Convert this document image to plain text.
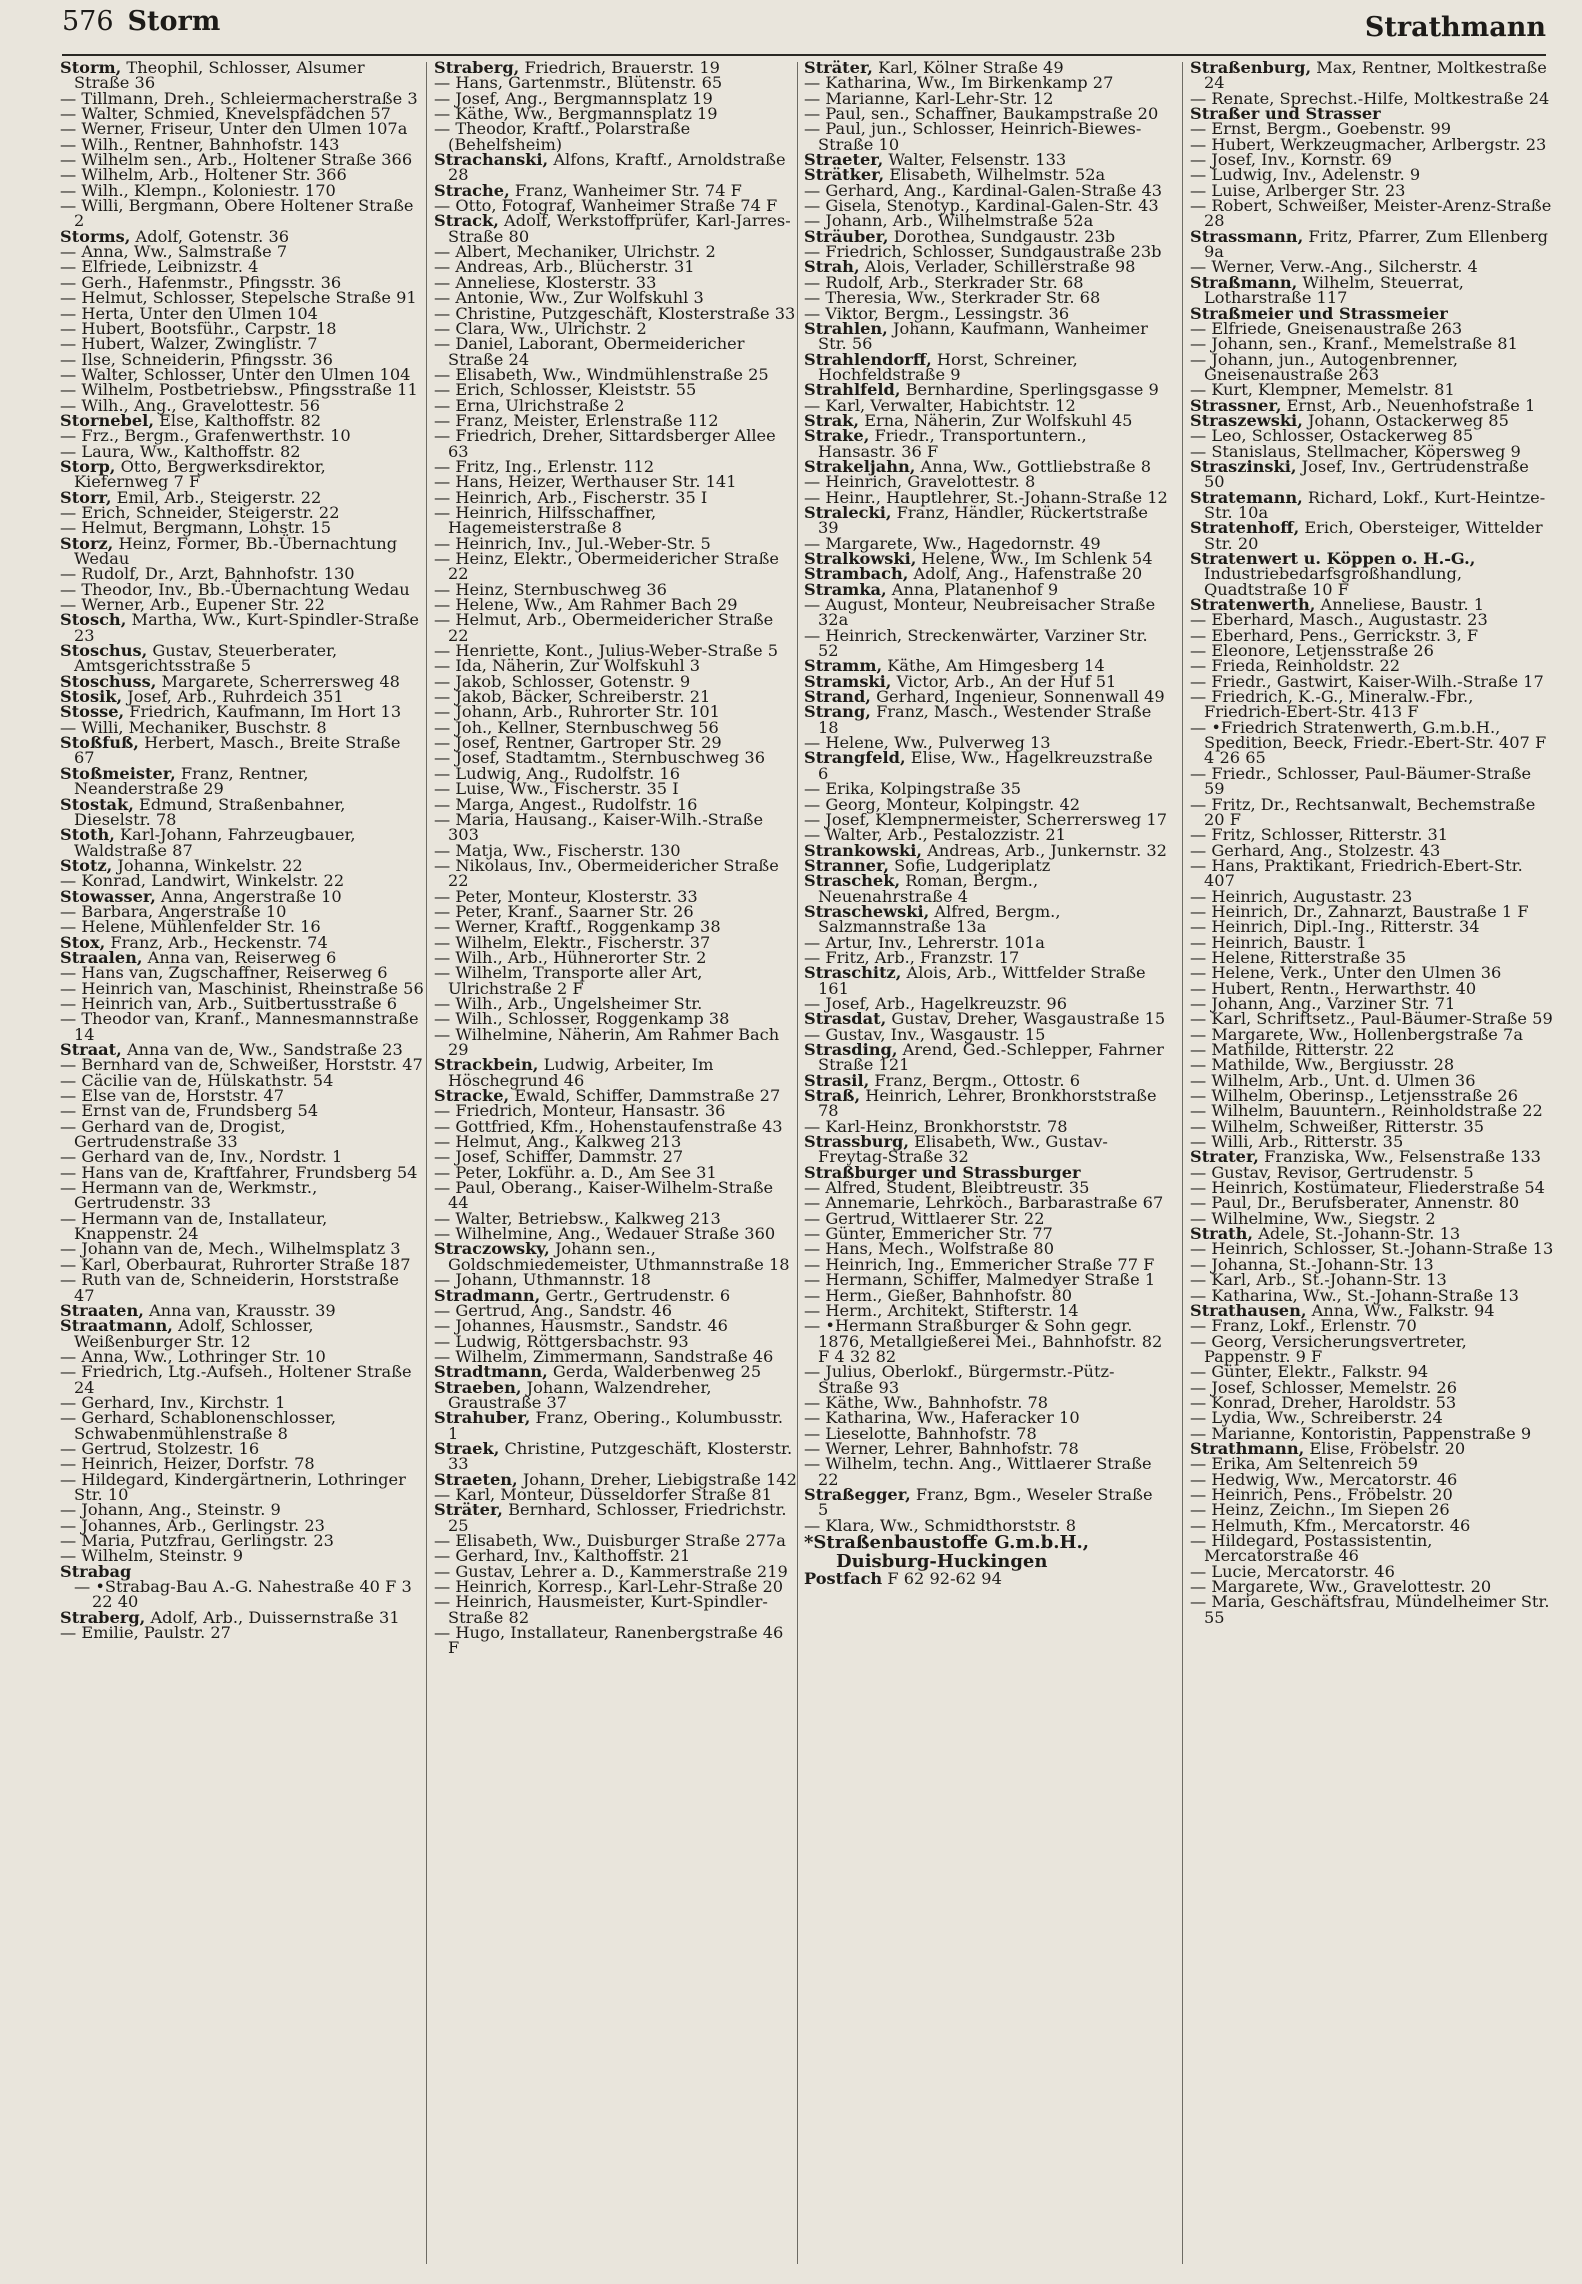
576 Storm	Strathmann

Storm, Theophil, Schlosser, Alsumer Straße 36

— Tillmann, Dreh., Schleiermacherstraße 3

— Walter, Schmied, Knevelspfädchen 57

— Werner, Friseur, Unter den Ulmen 107a

— Wilh., Rentner, Bahnhofstr. 143

— Wilhelm sen., Arb., Holtener Straße 366

— Wilhelm, Arb., Holtener Str. 366

— Wilh., Klempn., Koloniestr. 170

— Willi, Bergmann, Obere Holtener Straße 2

Storms, Adolf, Gotenstr. 36

— Anna, Ww., Salmstraße 7

— Elfriede, Leibnizstr. 4

— Gerh., Hafenmstr., Pfingsstr. 36

— Helmut, Schlosser, Stepelsche Straße 91

— Herta, Unter den Ulmen 104

— Hubert, Bootsführ., Carpstr. 18

— Hubert, Walzer, Zwinglistr. 7

— Ilse, Schneiderin, Pfingsstr. 36

— Walter, Schlosser, Unter den Ulmen 104

— Wilhelm, Postbetriebsw., Pfingsstraße 11

— Wilh., Ang., Gravelottestr. 56

Stornebel, Else, Kalthoffstr. 82

— Frz., Bergm., Grafenwerthstr. 10

— Laura, Ww., Kalthoffstr. 82

Storp, Otto, Bergwerksdirektor, Kiefernweg 7 F

Storr, Emil, Arb., Steigerstr. 22

— Erich, Schneider, Steigerstr. 22

— Helmut, Bergmann, Lohstr. 15

Storz, Heinz, Former, Bb.-Übernachtung Wedau

— Rudolf, Dr., Arzt, Bahnhofstr. 130

— Theodor, Inv., Bb.-Übernachtung Wedau

— Werner, Arb., Eupener Str. 22

Stosch, Martha, Ww., Kurt-Spindler-Straße 23

Stoschus, Gustav, Steuerberater, Amtsgerichtsstraße 5

Stoschuss, Margarete, Scherrersweg 48

Stosik, Josef, Arb., Ruhrdeich 351

Stosse, Friedrich, Kaufmann, Im Hort 13

— Willi, Mechaniker, Buschstr. 8

Stoßfuß, Herbert, Masch., Breite Straße 67

Stoßmeister, Franz, Rentner, Neanderstraße 29

Stostak, Edmund, Straßenbahner, Dieselstr. 78

Stoth, Karl-Johann, Fahrzeugbauer, Waldstraße 87

Stotz, Johanna, Winkelstr. 22

— Konrad, Landwirt, Winkelstr. 22

Stowasser, Anna, Angerstraße 10

— Barbara, Angerstraße 10

— Helene, Mühlenfelder Str. 16

Stox, Franz, Arb., Heckenstr. 74

Straalen, Anna van, Reiserweg 6

— Hans van, Zugschaffner, Reiserweg 6

— Heinrich van, Maschinist, Rheinstraße 56

— Heinrich van, Arb., Suitbertusstraße 6

— Theodor van, Kranf., Mannesmannstraße 14

Straat, Anna van de, Ww., Sandstraße 23

— Bernhard van de, Schweißer, Horststr. 47

— Cäcilie van de, Hülskathstr. 54

— Else van de, Horststr. 47

— Ernst van de, Frundsberg 54

— Gerhard van de, Drogist, Gertrudenstraße 33

— Gerhard van de, Inv., Nordstr. 1

— Hans van de, Kraftfahrer, Frundsberg 54

— Hermann van de, Werkmstr., Gertrudenstr. 33

— Hermann van de, Installateur, Knappenstr. 24

— Johann van de, Mech., Wilhelmsplatz 3

— Karl, Oberbaurat, Ruhrorter Straße 187

— Ruth van de, Schneiderin, Horststraße 47

Straaten, Anna van, Krausstr. 39

Straatmann, Adolf, Schlosser, Weißenburger Str. 12

— Anna, Ww., Lothringer Str. 10

— Friedrich, Ltg.-Aufseh., Holtener Straße 24

— Gerhard, Inv., Kirchstr. 1

— Gerhard, Schablonenschlosser, Schwabenmühlenstraße 8

— Gertrud, Stolzestr. 16

— Heinrich, Heizer, Dorfstr. 78

— Hildegard, Kindergärtnerin, Lothringer Str. 10

— Johann, Ang., Steinstr. 9

— Johannes, Arb., Gerlingstr. 23

— Maria, Putzfrau, Gerlingstr. 23

— Wilhelm, Steinstr. 9

Strabag

— •Strabag-Bau A.-G. Nahestraße 40 F 3 22 40

Straberg, Adolf, Arb., Duissernstraße 31

— Emilie, Paulstr. 27

Straberg, Friedrich, Brauerstr. 19

— Hans, Gartenmstr., Blütenstr. 65

— Josef, Ang., Bergmannsplatz 19

— Käthe, Ww., Bergmannsplatz 19

— Theodor, Kraftf., Polarstraße (Behelfsheim)

Strachanski, Alfons, Kraftf., Arnoldstraße 28

Strache, Franz, Wanheimer Str. 74 F

— Otto, Fotograf, Wanheimer Straße 74 F

Strack, Adolf, Werkstoffprüfer, Karl-Jarres-Straße 80

— Albert, Mechaniker, Ulrichstr. 2

— Andreas, Arb., Blücherstr. 31

— Anneliese, Klosterstr. 33

— Antonie, Ww., Zur Wolfskuhl 3

— Christine, Putzgeschäft, Klosterstraße 33

— Clara, Ww., Ulrichstr. 2

— Daniel, Laborant, Obermeidericher Straße 24

— Elisabeth, Ww., Windmühlenstraße 25

— Erich, Schlosser, Kleiststr. 55

— Erna, Ulrichstraße 2

— Franz, Meister, Erlenstraße 112

— Friedrich, Dreher, Sittardsberger Allee 63

— Fritz, Ing., Erlenstr. 112

— Hans, Heizer, Werthauser Str. 141

— Heinrich, Arb., Fischerstr. 35 I

— Heinrich, Hilfsschaffner, Hagemeisterstraße 8

— Heinrich, Inv., Jul.-Weber-Str. 5

— Heinz, Elektr., Obermeidericher Straße 22

— Heinz, Sternbuschweg 36

— Helene, Ww., Am Rahmer Bach 29

— Helmut, Arb., Obermeidericher Straße 22

— Henriette, Kont., Julius-Weber-Straße 5

— Ida, Näherin, Zur Wolfskuhl 3

— Jakob, Schlosser, Gotenstr. 9

— Jakob, Bäcker, Schreiberstr. 21

— Johann, Arb., Ruhrorter Str. 101

— Joh., Kellner, Sternbuschweg 56

— Josef, Rentner, Gartroper Str. 29

— Josef, Stadtamtm., Sternbuschweg 36

— Ludwig, Ang., Rudolfstr. 16

— Luise, Ww., Fischerstr. 35 I

— Marga, Angest., Rudolfstr. 16

— Maria, Hausang., Kaiser-Wilh.-Straße 303

— Matja, Ww., Fischerstr. 130

— Nikolaus, Inv., Obermeidericher Straße 22

— Peter, Monteur, Klosterstr. 33

— Peter, Kranf., Saarner Str. 26

— Werner, Kraftf., Roggenkamp 38

— Wilhelm, Elektr., Fischerstr. 37

— Wilh., Arb., Hühnerorter Str. 2

— Wilhelm, Transporte aller Art, Ulrichstraße 2 F

— Wilh., Arb., Ungelsheimer Str.

— Wilh., Schlosser, Roggenkamp 38

— Wilhelmine, Näherin, Am Rahmer Bach 29

Strackbein, Ludwig, Arbeiter, Im Höschegrund 46

Stracke, Ewald, Schiffer, Dammstraße 27

— Friedrich, Monteur, Hansastr. 36

— Gottfried, Kfm., Hohenstaufenstraße 43

— Helmut, Ang., Kalkweg 213

— Josef, Schiffer, Dammstr. 27

— Peter, Lokführ. a. D., Am See 31

— Paul, Oberang., Kaiser-Wilhelm-Straße 44

— Walter, Betriebsw., Kalkweg 213

— Wilhelmine, Ang., Wedauer Straße 360

Straczowsky, Johann sen., Goldschmiedemeister, Uthmannstraße 18

— Johann, Uthmannstr. 18

Stradmann, Gertr., Gertrudenstr. 6

— Gertrud, Ang., Sandstr. 46

— Johannes, Hausmstr., Sandstr. 46

— Ludwig, Röttgersbachstr. 93

— Wilhelm, Zimmermann, Sandstraße 46

Stradtmann, Gerda, Walderbenweg 25

Straeben, Johann, Walzendreher, Graustraße 37

Strahuber, Franz, Obering., Kolumbusstr. 1

Straek, Christine, Putzgeschäft, Klosterstr. 33

Straeten, Johann, Dreher, Liebigstraße 142

— Karl, Monteur, Düsseldorfer Straße 81

Sträter, Bernhard, Schlosser, Friedrichstr. 25

— Elisabeth, Ww., Duisburger Straße 277a

— Gerhard, Inv., Kalthoffstr. 21

— Gustav, Lehrer a. D., Kammerstraße 219

— Heinrich, Korresp., Karl-Lehr-Straße 20

— Heinrich, Hausmeister, Kurt-Spindler-Straße 82

— Hugo, Installateur, Ranenbergstraße 46 F

Sträter, Karl, Kölner Straße 49

— Katharina, Ww., Im Birkenkamp 27

— Marianne, Karl-Lehr-Str. 12

— Paul, sen., Schaffner, Baukampstraße 20

— Paul, jun., Schlosser, Heinrich-Biewes-Straße 10

Straeter, Walter, Felsenstr. 133

Strätker, Elisabeth, Wilhelmstr. 52a

— Gerhard, Ang., Kardinal-Galen-Straße 43

— Gisela, Stenotyp., Kardinal-Galen-Str. 43

— Johann, Arb., Wilhelmstraße 52a

Sträuber, Dorothea, Sundgaustr. 23b

— Friedrich, Schlosser, Sundgaustraße 23b

Strah, Alois, Verlader, Schillerstraße 98

— Rudolf, Arb., Sterkrader Str. 68

— Theresia, Ww., Sterkrader Str. 68

— Viktor, Bergm., Lessingstr. 36

Strahlen, Johann, Kaufmann, Wanheimer Str. 56

Strahlendorff, Horst, Schreiner, Hochfeldstraße 9

Strahlfeld, Bernhardine, Sperlingsgasse 9

— Karl, Verwalter, Habichtstr. 12

Strak, Erna, Näherin, Zur Wolfskuhl 45

Strake, Friedr., Transportuntern., Hansastr. 36 F

Strakeljahn, Anna, Ww., Gottliebstraße 8

— Heinrich, Gravelottestr. 8

— Heinr., Hauptlehrer, St.-Johann-Straße 12

Stralecki, Franz, Händler, Rückertstraße 39

— Margarete, Ww., Hagedornstr. 49

Stralkowski, Helene, Ww., Im Schlenk 54

Strambach, Adolf, Ang., Hafenstraße 20

Stramka, Anna, Platanenhof 9

— August, Monteur, Neubreisacher Straße 32a

— Heinrich, Streckenwärter, Varziner Str. 52

Stramm, Käthe, Am Himgesberg 14

Stramski, Victor, Arb., An der Huf 51

Strand, Gerhard, Ingenieur, Sonnenwall 49

Strang, Franz, Masch., Westender Straße 18

— Helene, Ww., Pulverweg 13

Strangfeld, Elise, Ww., Hagelkreuzstraße 6

— Erika, Kolpingstraße 35

— Georg, Monteur, Kolpingstr. 42

— Josef, Klempnermeister, Scherrersweg 17

— Walter, Arb., Pestalozzistr. 21

Strankowski, Andreas, Arb., Junkernstr. 32

Stranner, Sofie, Ludgeriplatz

Straschek, Roman, Bergm., Neuenahrstraße 4

Straschewski, Alfred, Bergm., Salzmannstraße 13a

— Artur, Inv., Lehrerstr. 101a

— Fritz, Arb., Franzstr. 17

Straschitz, Alois, Arb., Wittfelder Straße 161

— Josef, Arb., Hagelkreuzstr. 96

Strasdat, Gustav, Dreher, Wasgaustraße 15

— Gustav, Inv., Wasgaustr. 15

Strasding, Arend, Ged.-Schlepper, Fahrner Straße 121

Strasil, Franz, Bergm., Ottostr. 6

Straß, Heinrich, Lehrer, Bronkhorststraße 78

— Karl-Heinz, Bronkhorststr. 78

Strassburg, Elisabeth, Ww., Gustav-Freytag-Straße 32

Straßburger und Strassburger

— Alfred, Student, Bleibtreustr. 35

— Annemarie, Lehrköch., Barbarastraße 67

— Gertrud, Wittlaerer Str. 22

— Günter, Emmericher Str. 77

— Hans, Mech., Wolfstraße 80

— Heinrich, Ing., Emmericher Straße 77 F

— Hermann, Schiffer, Malmedyer Straße 1

— Herm., Gießer, Bahnhofstr. 80

— Herm., Architekt, Stifterstr. 14

— •Hermann Straßburger & Sohn gegr. 1876, Metallgießerei Mei., Bahnhofstr. 82 F 4 32 82

— Julius, Oberlokf., Bürgermstr.-Pütz-Straße 93

— Käthe, Ww., Bahnhofstr. 78

— Katharina, Ww., Haferacker 10

— Lieselotte, Bahnhofstr. 78

— Werner, Lehrer, Bahnhofstr. 78

— Wilhelm, techn. Ang., Wittlaerer Straße 22

Straßegger, Franz, Bgm., Weseler Straße 5

— Klara, Ww., Schmidthorststr. 8

*Straßenbaustoffe G.m.b.H.,

Duisburg-Huckingen

Postfach F 62 92-62 94

Straßenburg, Max, Rentner, Moltkestraße 24

— Renate, Sprechst.-Hilfe, Moltkestraße 24

Straßer und Strasser

— Ernst, Bergm., Goebenstr. 99

— Hubert, Werkzeugmacher, Arlbergstr. 23

— Josef, Inv., Kornstr. 69

— Ludwig, Inv., Adelenstr. 9

— Luise, Arlberger Str. 23

— Robert, Schweißer, Meister-Arenz-Straße 28

Strassmann, Fritz, Pfarrer, Zum Ellenberg 9a

— Werner, Verw.-Ang., Silcherstr. 4

Straßmann, Wilhelm, Steuerrat, Lotharstraße 117

Straßmeier und Strassmeier

— Elfriede, Gneisenaustraße 263

— Johann, sen., Kranf., Memelstraße 81

— Johann, jun., Autogenbrenner, Gneisenaustraße 263

— Kurt, Klempner, Memelstr. 81

Strassner, Ernst, Arb., Neuenhofstraße 1

Straszewski, Johann, Ostackerweg 85

— Leo, Schlosser, Ostackerweg 85

— Stanislaus, Stellmacher, Köpersweg 9

Straszinski, Josef, Inv., Gertrudenstraße 50

Stratemann, Richard, Lokf., Kurt-Heintze-Str. 10a

Stratenhoff, Erich, Obersteiger, Wittelder Str. 20

Stratenwert u. Köppen o. H.-G., Industriebedarfsgroßhandlung, Quadtstraße 10 F

Stratenwerth, Anneliese, Baustr. 1

— Eberhard, Masch., Augustastr. 23

— Eberhard, Pens., Gerrickstr. 3, F

— Eleonore, Letjensstraße 26

— Frieda, Reinholdstr. 22

— Friedr., Gastwirt, Kaiser-Wilh.-Straße 17

— Friedrich, K.-G., Mineralw.-Fbr., Friedrich-Ebert-Str. 413 F

— •Friedrich Stratenwerth, G.m.b.H., Spedition, Beeck, Friedr.-Ebert-Str. 407 F 4 26 65

— Friedr., Schlosser, Paul-Bäumer-Straße 59

— Fritz, Dr., Rechtsanwalt, Bechemstraße 20 F

— Fritz, Schlosser, Ritterstr. 31

— Gerhard, Ang., Stolzestr. 43

— Hans, Praktikant, Friedrich-Ebert-Str. 407

— Heinrich, Augustastr. 23

— Heinrich, Dr., Zahnarzt, Baustraße 1 F

— Heinrich, Dipl.-Ing., Ritterstr. 34

— Heinrich, Baustr. 1

— Helene, Ritterstraße 35

— Helene, Verk., Unter den Ulmen 36

— Hubert, Rentn., Herwarthstr. 40

— Johann, Ang., Varziner Str. 71

— Karl, Schriftsetz., Paul-Bäumer-Straße 59

— Margarete, Ww., Hollenbergstraße 7a

— Mathilde, Ritterstr. 22

— Mathilde, Ww., Bergiusstr. 28

— Wilhelm, Arb., Unt. d. Ulmen 36

— Wilhelm, Oberinsp., Letjensstraße 26

— Wilhelm, Bauuntern., Reinholdstraße 22

— Wilhelm, Schweißer, Ritterstr. 35

— Willi, Arb., Ritterstr. 35

Strater, Franziska, Ww., Felsenstraße 133

— Gustav, Revisor, Gertrudenstr. 5

— Heinrich, Kostümateur, Fliederstraße 54

— Paul, Dr., Berufsberater, Annenstr. 80

— Wilhelmine, Ww., Siegstr. 2

Strath, Adele, St.-Johann-Str. 13

— Heinrich, Schlosser, St.-Johann-Straße 13

— Johanna, St.-Johann-Str. 13

— Karl, Arb., St.-Johann-Str. 13

— Katharina, Ww., St.-Johann-Straße 13

Strathausen, Anna, Ww., Falkstr. 94

— Franz, Lokf., Erlenstr. 70

— Georg, Versicherungsvertreter, Pappenstr. 9 F

— Günter, Elektr., Falkstr. 94

— Josef, Schlosser, Memelstr. 26

— Konrad, Dreher, Haroldstr. 53

— Lydia, Ww., Schreiberstr. 24

— Marianne, Kontoristin, Pappenstraße 9

Strathmann, Elise, Fröbelstr. 20

— Erika, Am Seltenreich 59

— Hedwig, Ww., Mercatorstr. 46

— Heinrich, Pens., Fröbelstr. 20

— Heinz, Zeichn., Im Siepen 26

— Helmuth, Kfm., Mercatorstr. 46

— Hildegard, Postassistentin, Mercatorstraße 46

— Lucie, Mercatorstr. 46

— Margarete, Ww., Gravelottestr. 20

— Maria, Geschäftsfrau, Mündelheimer Str. 55
